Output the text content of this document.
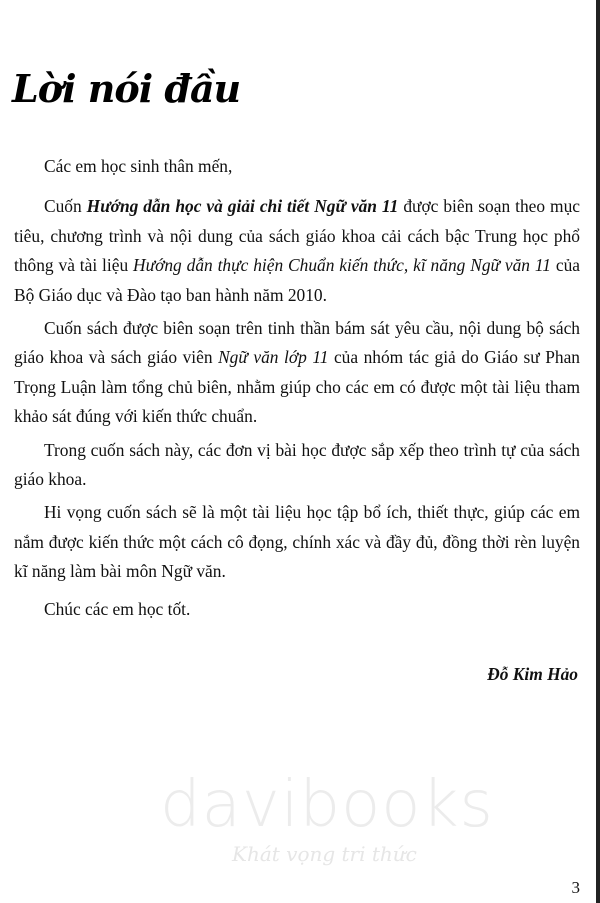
Lời nói đầu

Các em học sinh thân mến,

Cuốn Hướng dẫn học và giải chi tiết Ngữ văn 11 được biên soạn theo mục tiêu, chương trình và nội dung của sách giáo khoa cải cách bậc Trung học phổ thông và tài liệu Hướng dẫn thực hiện Chuẩn kiến thức, kĩ năng Ngữ văn 11 của Bộ Giáo dục và Đào tạo ban hành năm 2010.

Cuốn sách được biên soạn trên tinh thần bám sát yêu cầu, nội dung bộ sách giáo khoa và sách giáo viên Ngữ văn lớp 11 của nhóm tác giả do Giáo sư Phan Trọng Luận làm tổng chủ biên, nhằm giúp cho các em có được một tài liệu tham khảo sát đúng với kiến thức chuẩn.

Trong cuốn sách này, các đơn vị bài học được sắp xếp theo trình tự của sách giáo khoa.

Hi vọng cuốn sách sẽ là một tài liệu học tập bổ ích, thiết thực, giúp các em nắm được kiến thức một cách cô đọng, chính xác và đầy đủ, đồng thời rèn luyện kĩ năng làm bài môn Ngữ văn.

Chúc các em học tốt.

Đỗ Kim Hảo
davibooks
Khát vọng tri thức
3
